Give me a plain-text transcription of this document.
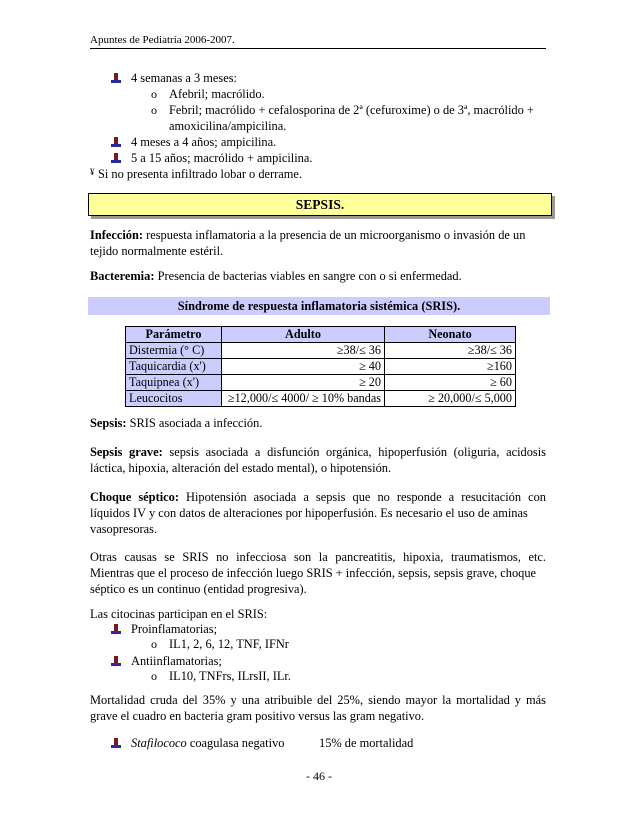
Apuntes de Pediatría 2006-2007.
4 semanas a 3 meses:
o Afebril; macrólido.
o Febril; macrólido + cefalosporina de 2ª (cefuroxime) o de 3ª, macrólido +
amoxicilina/ampicilina.
4 meses a 4 años; ampicilina.
5 a 15 años; macrólido + ampicilina.
¥ Si no presenta infiltrado lobar o derrame.
SEPSIS.
Infección: respuesta inflamatoria a la presencia de un microorganismo o invasión de un
tejido normalmente estéril.
Bacteremia: Presencia de bacterias viables en sangre con o si enfermedad.
Síndrome de respuesta inflamatoria sistémica (SRIS).
Parámetro	Adulto	Neonato
Distermia (° C)	≥38/≤ 36	≥38/≤ 36
Taquicardia (x')	≥ 40	≥160
Taquipnea (x')	≥ 20	≥ 60
Leucocitos	≥12,000/≤ 4000/ ≥ 10% bandas	≥ 20,000/≤ 5,000
Sepsis: SRIS asociada a infección.
Sepsis grave: sepsis asociada a disfunción orgánica, hipoperfusión (oliguria, acidosis
láctica, hipoxia, alteración del estado mental), o hipotensión.
Choque séptico: Hipotensión asociada a sepsis que no responde a resucitación con
líquidos IV y con datos de alteraciones por hipoperfusión. Es necesario el uso de aminas
vasopresoras.
Otras causas se SRIS no infecciosa son la pancreatitis, hipoxia, traumatismos, etc.
Mientras que el proceso de infección luego SRIS + infección, sepsis, sepsis grave, choque
séptico es un continuo (entidad progresiva).
Las citocinas participan en el SRIS:
Proinflamatorias;
o IL1, 2, 6, 12, TNF, IFNr
Antiinflamatorias;
o IL10, TNFrs, ILrsII, ILr.
Mortalidad cruda del 35% y una atribuible del 25%, siendo mayor la mortalidad y más
grave el cuadro en bacteria gram positivo versus las gram negativo.
Stafilococo coagulasa negativo	15% de mortalidad
- 46 -
